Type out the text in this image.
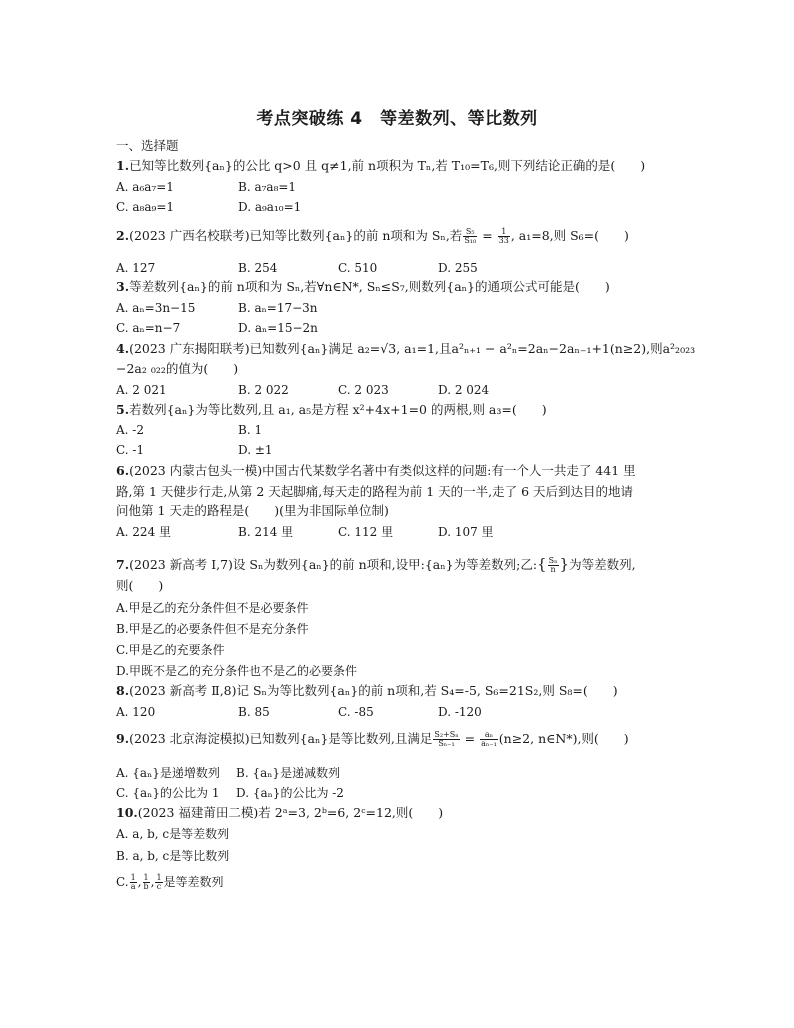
考点突破练 4　等差数列、等比数列
一、选择题
1.已知等比数列{aₙ}的公比 q>0 且 q≠1,前 n项积为 Tₙ,若 T₁₀=T₆,则下列结论正确的是(　　)
A. a₆a₇=1	B. a₇a₈=1
C. a₈a₉=1	D. a₉a₁₀=1
2.(2023 广西名校联考)已知等比数列{aₙ}的前 n项和为 Sₙ,若 $\frac{\text{S₅}}{\text{S₁₀}} = \frac{1}{33}$ , a₁=8,则 S₆=(　　)
A. 127	B. 254	C. 510	D. 255
3.等差数列{aₙ}的前 n项和为 Sₙ,若∀n∈N*, Sₙ≤S₇,则数列{aₙ}的通项公式可能是(　　)
A. aₙ=3n−15	B. aₙ=17−3n
C. aₙ=n−7	D. aₙ=15−2n
4.(2023 广东揭阳联考)已知数列{aₙ}满足 a₂=√3, a₁=1,且a²ₙ₊₁ − a²ₙ=2aₙ−2aₙ₋₁+1(n≥2),则a²₂₀₂₃
−2a₂ ₀₂₂的值为(　　)
A. 2 021	B. 2 022	C. 2 023	D. 2 024
5.若数列{aₙ}为等比数列,且 a₁, a₅是方程 x²+4x+1=0 的两根,则 a₃=(　　)
A. -2	B. 1
C. -1	D. ±1
6.(2023 内蒙古包头一模)中国古代某数学名著中有类似这样的问题:有一个人一共走了 441 里
路,第 1 天健步行走,从第 2 天起脚痛,每天走的路程为前 1 天的一半,走了 6 天后到达目的地请
问他第 1 天走的路程是(　　)(里为非国际单位制)
A. 224 里	B. 214 里	C. 112 里	D. 107 里
7.(2023 新高考 Ⅰ,7)设 Sₙ为数列{aₙ}的前 n项和,设甲:{aₙ}为等差数列;乙:{ $\frac{\text{Sₙ}}{n}$ }为等差数列,
则(　　)
A.甲是乙的充分条件但不是必要条件
B.甲是乙的必要条件但不是充分条件
C.甲是乙的充要条件
D.甲既不是乙的充分条件也不是乙的必要条件
8.(2023 新高考 Ⅱ,8)记 Sₙ为等比数列{aₙ}的前 n项和,若 S₄=-5, S₆=21S₂,则 S₈=(　　)
A. 120	B. 85	C. -85	D. -120
9.(2023 北京海淀模拟)已知数列{aₙ}是等比数列,且满足 $\frac{\text{S₂+Sₙ}}{\text{Sₙ₋₁}} = \frac{\text{aₙ}}{\text{aₙ₋₁}} (n\ge 2$, n∈N*),则(　　)
A. {aₙ}是递增数列 B. {aₙ}是递减数列
C. {aₙ}的公比为 1 D. {aₙ}的公比为 -2
10.(2023 福建莆田二模)若 2ᵃ=3, 2ᵇ=6, 2ᶜ=12,则(　　)
A. a, b, c是等差数列
B. a, b, c是等比数列
C. $\frac{1}{a}$ , $\frac{1}{b}$ , $\frac{1}{c}$ 是等差数列
